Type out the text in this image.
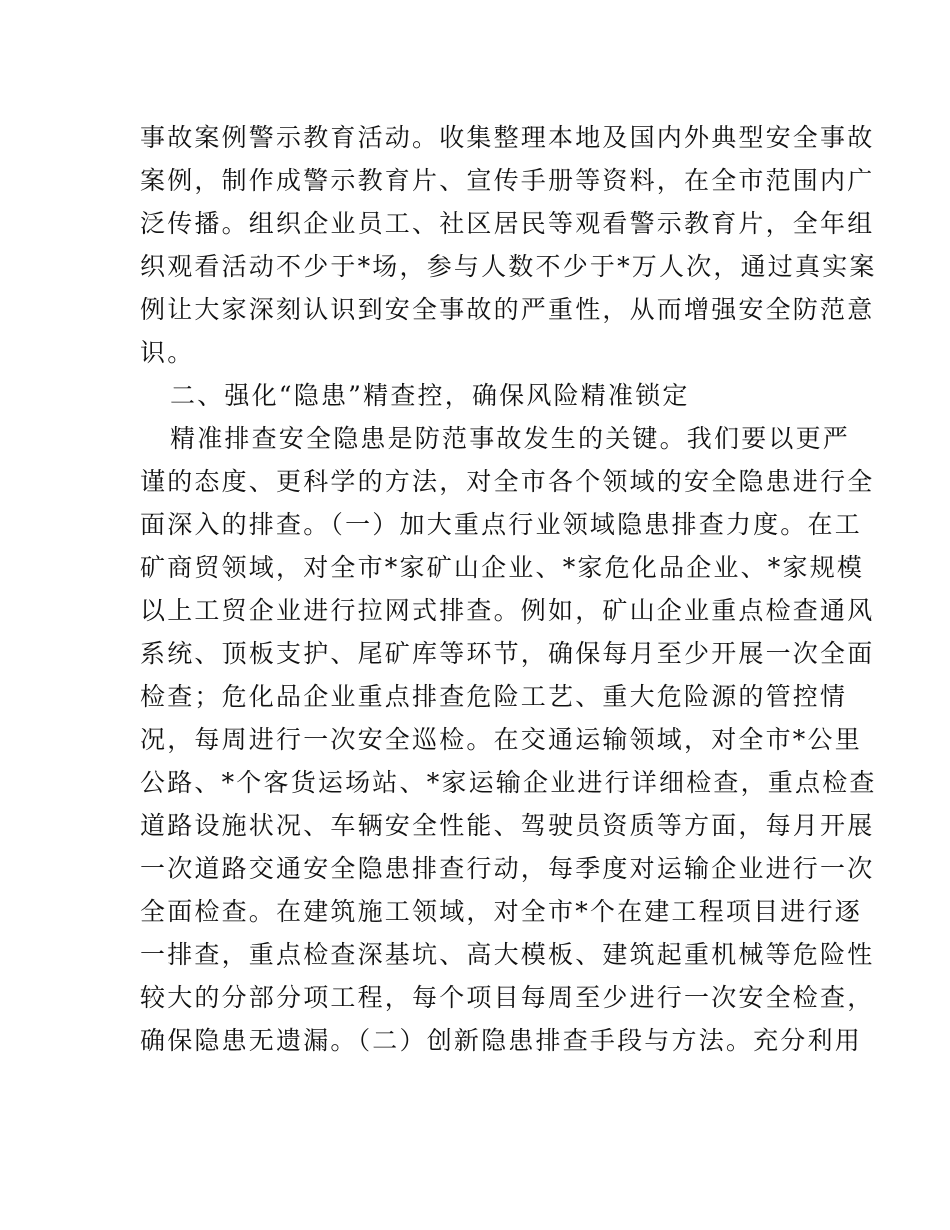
事故案例警示教育活动。收集整理本地及国内外典型安全事故
案例，制作成警示教育片、宣传手册等资料，在全市范围内广
泛传播。组织企业员工、社区居民等观看警示教育片，全年组
织观看活动不少于*场，参与人数不少于*万人次，通过真实案
例让大家深刻认识到安全事故的严重性，从而增强安全防范意
识。
二、强化“隐患”精查控，确保风险精准锁定
精准排查安全隐患是防范事故发生的关键。我们要以更严
谨的态度、更科学的方法，对全市各个领域的安全隐患进行全
面深入的排查。（一）加大重点行业领域隐患排查力度。在工
矿商贸领域，对全市*家矿山企业、*家危化品企业、*家规模
以上工贸企业进行拉网式排查。例如，矿山企业重点检查通风
系统、顶板支护、尾矿库等环节，确保每月至少开展一次全面
检查；危化品企业重点排查危险工艺、重大危险源的管控情
况，每周进行一次安全巡检。在交通运输领域，对全市*公里
公路、*个客货运场站、*家运输企业进行详细检查，重点检查
道路设施状况、车辆安全性能、驾驶员资质等方面，每月开展
一次道路交通安全隐患排查行动，每季度对运输企业进行一次
全面检查。在建筑施工领域，对全市*个在建工程项目进行逐
一排查，重点检查深基坑、高大模板、建筑起重机械等危险性
较大的分部分项工程，每个项目每周至少进行一次安全检查，
确保隐患无遗漏。（二）创新隐患排查手段与方法。充分利用
